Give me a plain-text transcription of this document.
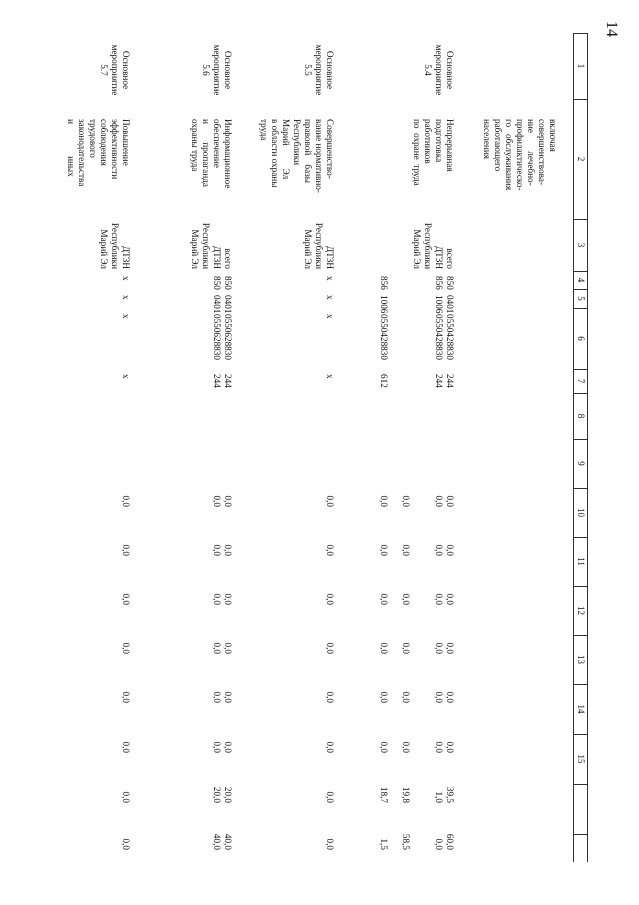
14
1
2
3
4
5
6
7
8
9
10
11
12
13
14
15
включая
совершенствова-
ние        лечебно-
профилактическо-
го   обслуживания
работающего
населения
Основное
мероприятие
5.4
Непрерывная
подготовка
работников
по  охране  труда
всего
850
0401
0550428830
244
0,0
0,0
0,0
0,0
0,0
0,0
39,5
60,0
ДТЗН
Республики
Марий Эл
856
1006
0550428830
244
0,0
0,0
0,0
0,0
0,0
0,0
1,0
0,0
0,0
0,0
0,0
0,0
0,0
0,0
19,8
58,5
856
1006
0550428830
612
0,0
0,0
0,0
0,0
0,0
0,0
18,7
1,5
Основное
мероприятие
5.5
Совершенство-
вание нормативно-
правовой    базы
Республики
Марий          Эл
в области охраны
труда
ДТЗН
Республики
Марий Эл
x
x
x
x
0,0
0,0
0,0
0,0
0,0
0,0
0,0
0,0
Основное
мероприятие
5.6
Информационное
обеспечение
и        пропаганда
охраны труда
всего
850
0401
0550628830
244
0,0
0,0
0,0
0,0
0,0
0,0
20,0
40,0
ДТЗН
Республики
Марий Эл
850
0401
0550628830
244
0,0
0,0
0,0
0,0
0,0
0,0
20,0
40,0
Основное
мероприятие
5.7
Повышение
эффективности
соблюдения
трудового
законодательства
и              иных
ДТЗН
Республики
Марий Эл
x
x
x
x
0,0
0,0
0,0
0,0
0,0
0,0
0,0
0,0
